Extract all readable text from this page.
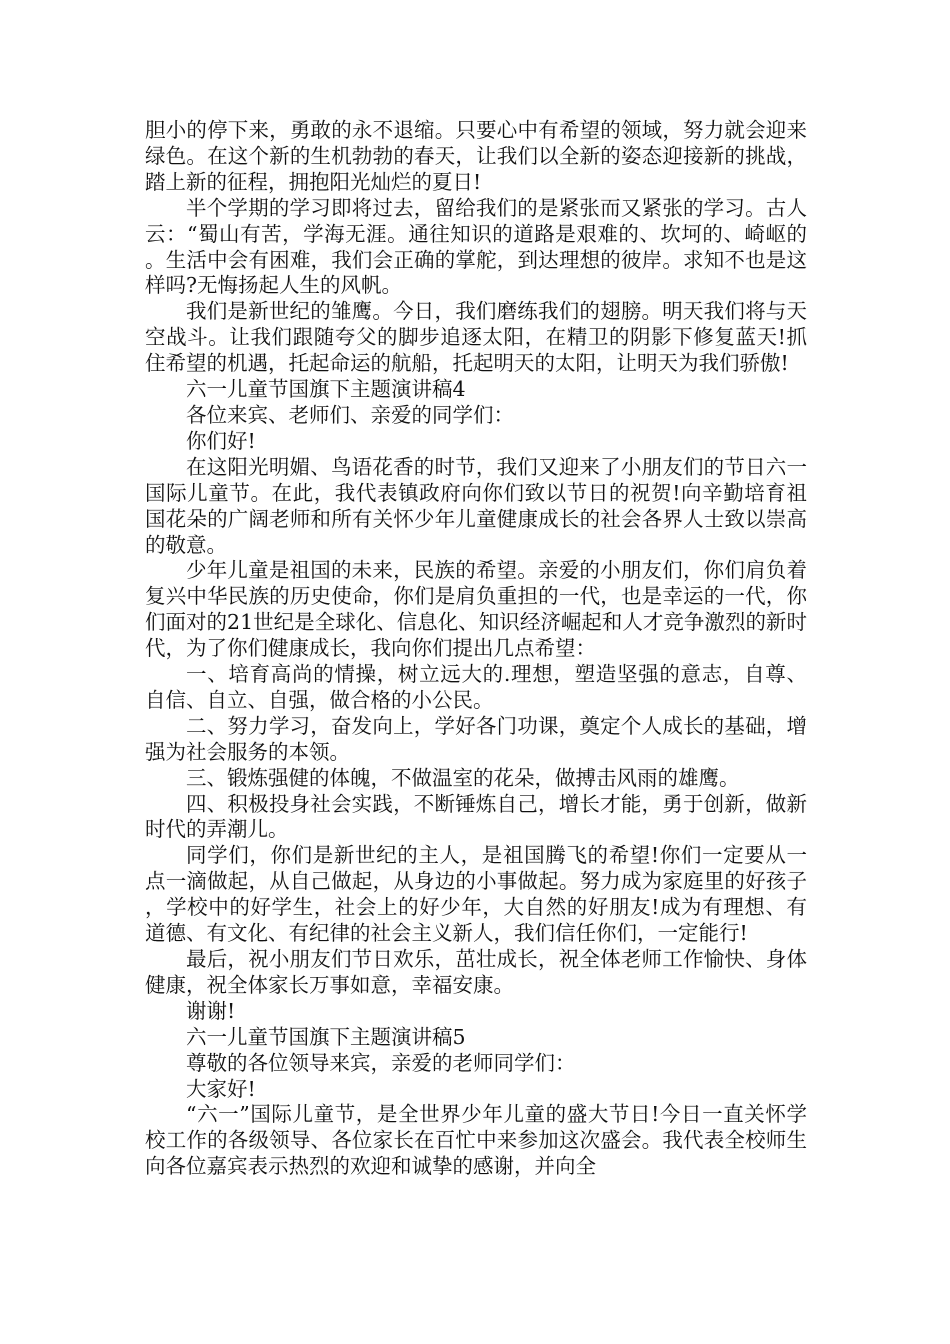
胆小的停下来，勇敢的永不退缩。只要心中有希望的领域，努力就会迎来绿色。在这个新的生机勃勃的春天，让我们以全新的姿态迎接新的挑战，踏上新的征程，拥抱阳光灿烂的夏日!

半个学期的学习即将过去，留给我们的是紧张而又紧张的学习。古人云：“蜀山有苦，学海无涯。通往知识的道路是艰难的、坎坷的、崎岖的。生活中会有困难，我们会正确的掌舵，到达理想的彼岸。求知不也是这样吗?无悔扬起人生的风帆。

我们是新世纪的雏鹰。今日，我们磨练我们的翅膀。明天我们将与天空战斗。让我们跟随夸父的脚步追逐太阳，在精卫的阴影下修复蓝天!抓住希望的机遇，托起命运的航船，托起明天的太阳，让明天为我们骄傲!

六一儿童节国旗下主题演讲稿4

各位来宾、老师们、亲爱的同学们：

你们好!

在这阳光明媚、鸟语花香的时节，我们又迎来了小朋友们的节日六一国际儿童节。在此，我代表镇政府向你们致以节日的祝贺!向辛勤培育祖国花朵的广阔老师和所有关怀少年儿童健康成长的社会各界人士致以崇高的敬意。

少年儿童是祖国的未来，民族的希望。亲爱的小朋友们，你们肩负着复兴中华民族的历史使命，你们是肩负重担的一代，也是幸运的一代，你们面对的21世纪是全球化、信息化、知识经济崛起和人才竞争激烈的新时代，为了你们健康成长，我向你们提出几点希望：

一、培育高尚的情操，树立远大的.理想，塑造坚强的意志，自尊、自信、自立、自强，做合格的小公民。

二、努力学习，奋发向上，学好各门功课，奠定个人成长的基础，增强为社会服务的本领。

三、锻炼强健的体魄，不做温室的花朵，做搏击风雨的雄鹰。

四、积极投身社会实践，不断锤炼自己，增长才能，勇于创新，做新时代的弄潮儿。

同学们，你们是新世纪的主人，是祖国腾飞的希望!你们一定要从一点一滴做起，从自己做起，从身边的小事做起。努力成为家庭里的好孩子，学校中的好学生，社会上的好少年，大自然的好朋友!成为有理想、有道德、有文化、有纪律的社会主义新人，我们信任你们，一定能行!

最后，祝小朋友们节日欢乐，茁壮成长，祝全体老师工作愉快、身体健康，祝全体家长万事如意，幸福安康。

谢谢!

六一儿童节国旗下主题演讲稿5

尊敬的各位领导来宾，亲爱的老师同学们：

大家好!

“六一”国际儿童节，是全世界少年儿童的盛大节日!今日一直关怀学校工作的各级领导、各位家长在百忙中来参加这次盛会。我代表全校师生向各位嘉宾表示热烈的欢迎和诚挚的感谢，并向全
